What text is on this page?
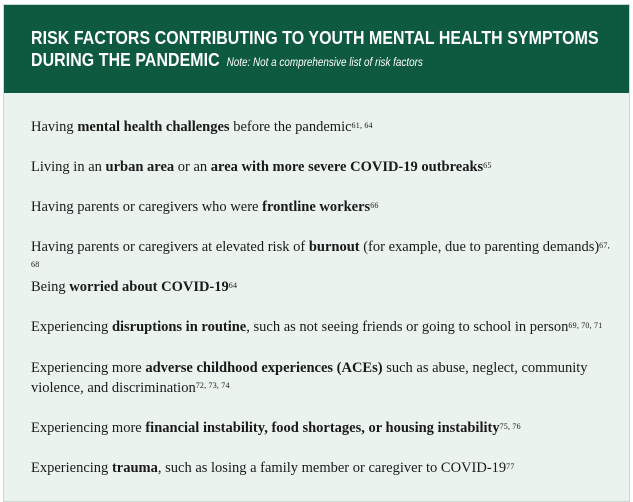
RISK FACTORS CONTRIBUTING TO YOUTH MENTAL HEALTH SYMPTOMS
DURING THE PANDEMIC Note: Not a comprehensive list of risk factors
Having mental health challenges before the pandemic$^{61, 64}$
Living in an urban area or an area with more severe COVID-19 outbreaks$^{65}$
Having parents or caregivers who were frontline workers$^{66}$
Having parents or caregivers at elevated risk of burnout (for example, due to parenting demands)$^{67, 68}$
Being worried about COVID-$19^{64}$
Experiencing disruptions in routine, such as not seeing friends or going to school in person$^{69, 70, 71}$
Experiencing more adverse childhood experiences (ACEs) such as abuse, neglect, community violence, and discrimination$^{72, 73, 74}$
Experiencing more financial instability, food shortages, or housing instability$^{75, 76}$
Experiencing trauma, such as losing a family member or caregiver to COVID-$19^{77}$
